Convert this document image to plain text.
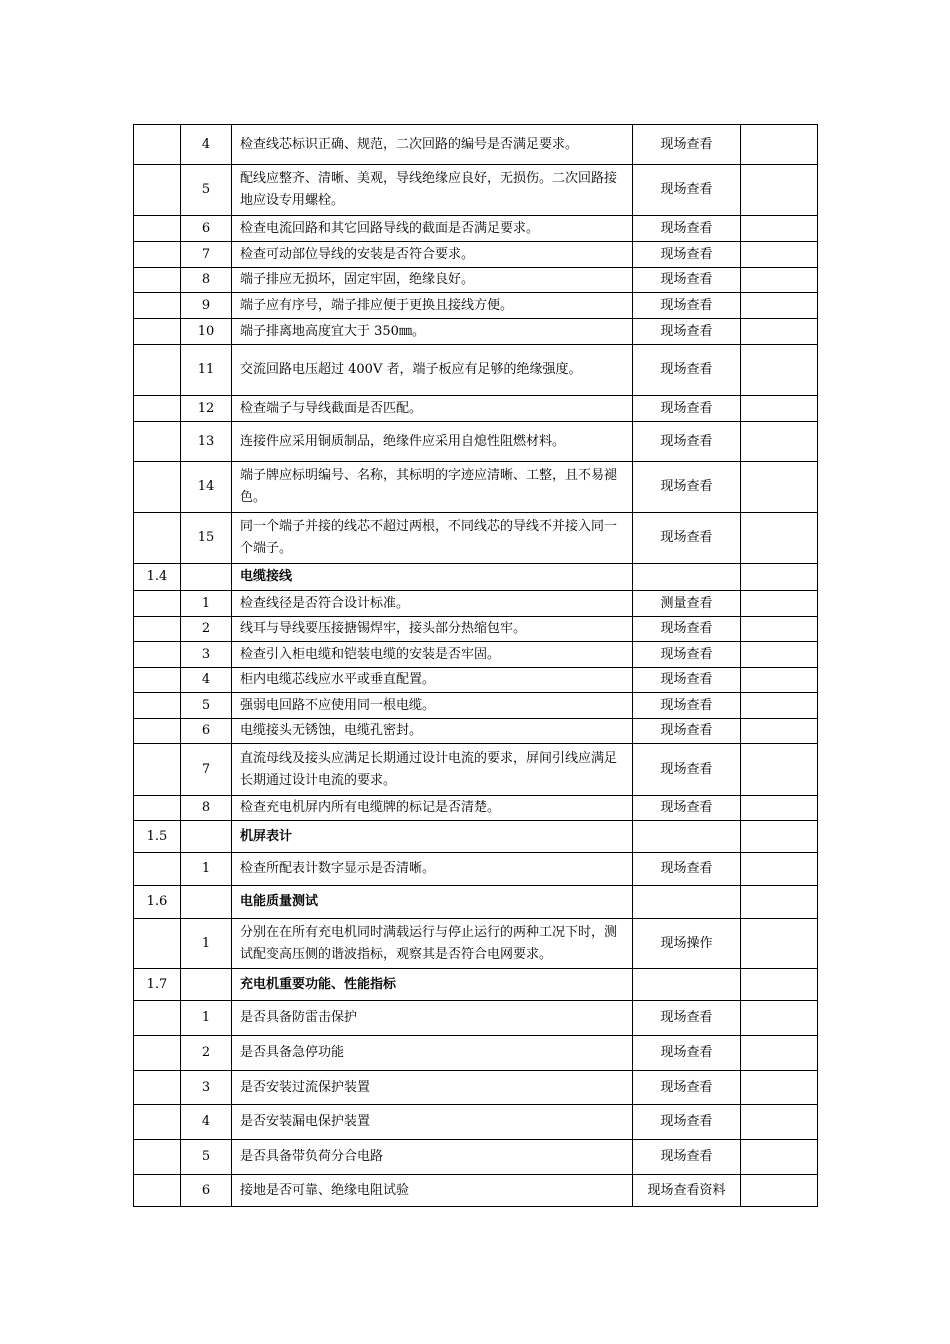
	4	检查线芯标识正确、规范，二次回路的编号是否满足要求。	现场查看	
	5	配线应整齐、清晰、美观，导线绝缘应良好，无损伤。二次回路接地应设专用螺栓。	现场查看	
	6	检查电流回路和其它回路导线的截面是否满足要求。	现场查看	
	7	检查可动部位导线的安装是否符合要求。	现场查看	
	8	端子排应无损坏，固定牢固，绝缘良好。	现场查看	
	9	端子应有序号，端子排应便于更换且接线方便。	现场查看	
	10	端子排离地高度宜大于 350㎜。	现场查看	
	11	交流回路电压超过 400V 者，端子板应有足够的绝缘强度。	现场查看	
	12	检查端子与导线截面是否匹配。	现场查看	
	13	连接件应采用铜质制品，绝缘件应采用自熄性阻燃材料。	现场查看	
	14	端子牌应标明编号、名称，其标明的字迹应清晰、工整，且不易褪色。	现场查看	
	15	同一个端子并接的线芯不超过两根，不同线芯的导线不并接入同一个端子。	现场查看	
1.4		电缆接线		
	1	检查线径是否符合设计标准。	测量查看	
	2	线耳与导线要压接搪锡焊牢，接头部分热缩包牢。	现场查看	
	3	检查引入柜电缆和铠装电缆的安装是否牢固。	现场查看	
	4	柜内电缆芯线应水平或垂直配置。	现场查看	
	5	强弱电回路不应使用同一根电缆。	现场查看	
	6	电缆接头无锈蚀，电缆孔密封。	现场查看	
	7	直流母线及接头应满足长期通过设计电流的要求，屏间引线应满足长期通过设计电流的要求。	现场查看	
	8	检查充电机屏内所有电缆牌的标记是否清楚。	现场查看	
1.5		机屏表计		
	1	检查所配表计数字显示是否清晰。	现场查看	
1.6		电能质量测试		
	1	分别在在所有充电机同时满载运行与停止运行的两种工况下时，测试配变高压侧的谐波指标，观察其是否符合电网要求。	现场操作	
1.7		充电机重要功能、性能指标		
	1	是否具备防雷击保护	现场查看	
	2	是否具备急停功能	现场查看	
	3	是否安装过流保护装置	现场查看	
	4	是否安装漏电保护装置	现场查看	
	5	是否具备带负荷分合电路	现场查看	
	6	接地是否可靠、绝缘电阻试验	现场查看资料	
